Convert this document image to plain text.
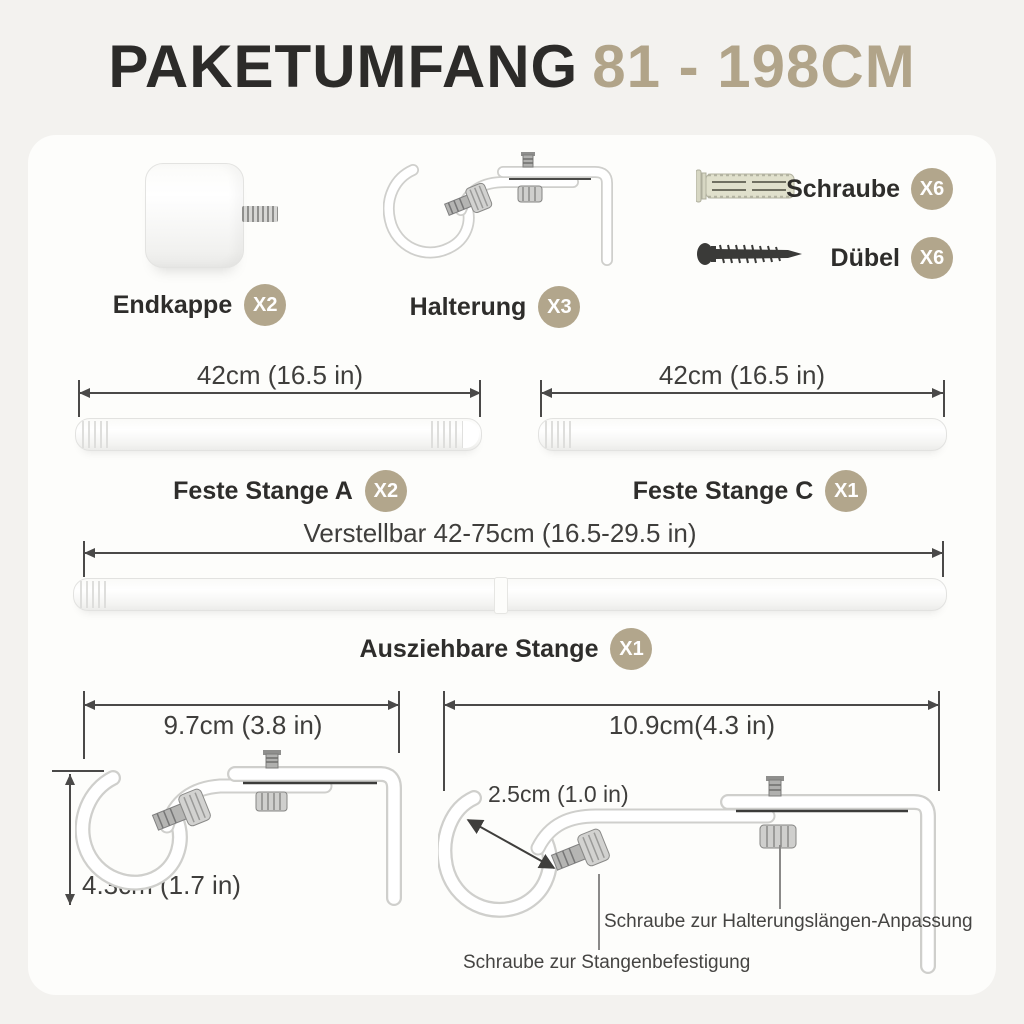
PAKETUMFANG 81 - 198CM
Endkappe	X2	Halterung	X3
Schraube X6
Dübel X6
42cm (16.5 in)
Feste Stange A	X2
42cm (16.5 in)
Feste Stange C	X1
Verstellbar 42-75cm (16.5-29.5 in)
Ausziehbare Stange	X1
9.7cm (3.8 in)
4.3cm (1.7 in)
10.9cm(4.3 in)
2.5cm (1.0 in)
Schraube zur Halterungslängen-Anpassung
Schraube zur Stangenbefestigung
